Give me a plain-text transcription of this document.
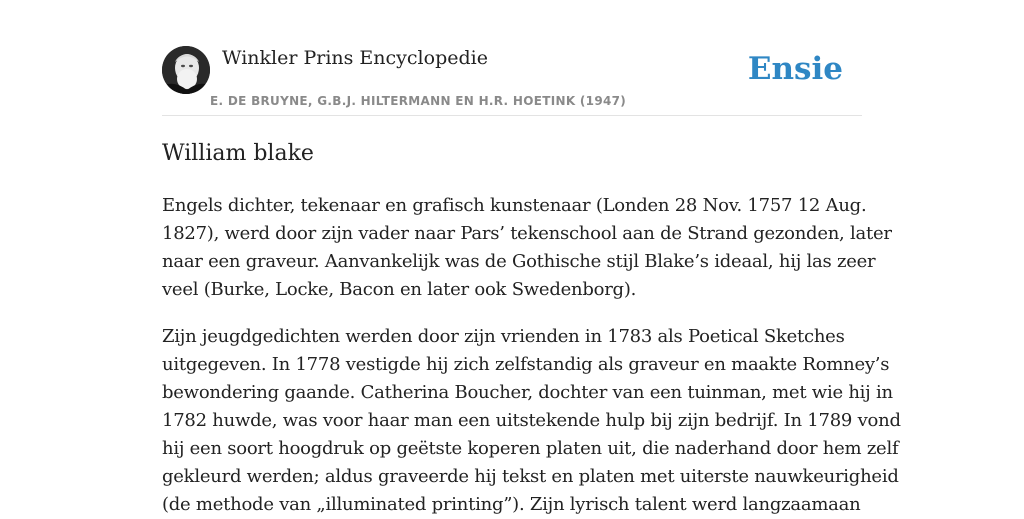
Winkler Prins Encyclopedie
E. DE BRUYNE, G.B.J. HILTERMANN EN H.R. HOETINK (1947)
Ensie
William blake

Engels dichter, tekenaar en grafisch kunstenaar (Londen 28 Nov. 1757 12 Aug.
1827), werd door zijn vader naar Pars’ tekenschool aan de Strand gezonden, later
naar een graveur. Aanvankelijk was de Gothische stijl Blake’s ideaal, hij las zeer
veel (Burke, Locke, Bacon en later ook Swedenborg).

Zijn jeugdgedichten werden door zijn vrienden in 1783 als Poetical Sketches
uitgegeven. In 1778 vestigde hij zich zelfstandig als graveur en maakte Romney’s
bewondering gaande. Catherina Boucher, dochter van een tuinman, met wie hij in
1782 huwde, was voor haar man een uitstekende hulp bij zijn bedrijf. In 1789 vond
hij een soort hoogdruk op geëtste koperen platen uit, die naderhand door hem zelf
gekleurd werden; aldus graveerde hij tekst en platen met uiterste nauwkeurigheid
(de methode van „illuminated printing”). Zijn lyrisch talent werd langzaamaan
